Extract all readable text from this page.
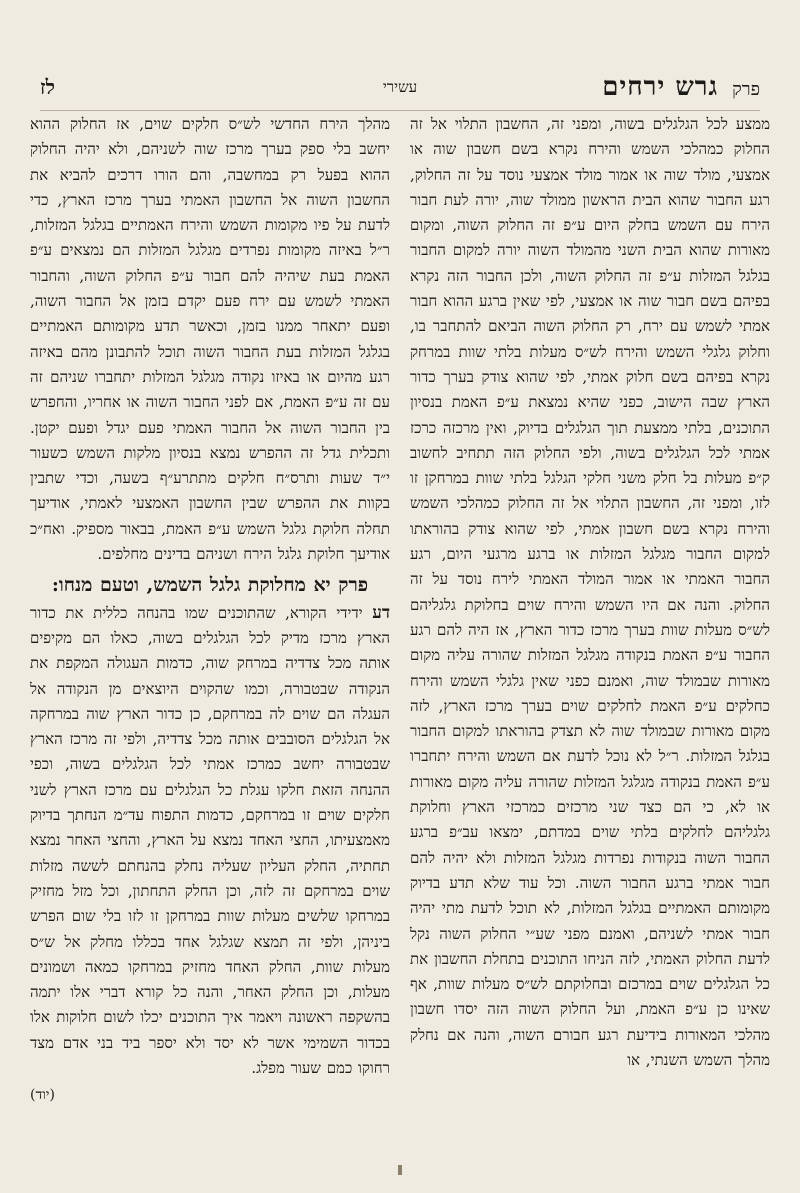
פרק
גרש ירחים
עשירי
לז

ממצע לכל הגלגלים בשוה, ומפני זה, החשבון התלוי אל זה החלוק כמהלכי השמש והירח נקרא בשם חשבון שוה או אמצעי, מולד שוה או אמור מולד אמצעי נוסד על זה החלוק, רגע החבור שהוא הבית הראשון ממולד שוה, יורה לעת חבור הירח עם השמש בחלק היום ע״פ זה החלוק השוה, ומקום מאורות שהוא הבית השני מהמולד השוה יורה למקום החבור בגלגל המזלות ע״פ זה החלוק השוה, ולכן החבור הזה נקרא בפיהם בשם חבור שוה או אמצעי, לפי שאין ברגע ההוא חבור אמתי לשמש עם ירח, רק החלוק השוה הביאם להתחבר בו, וחלוק גלגלי השמש והירח לש״ס מעלות בלתי שוות במרחק נקרא בפיהם בשם חלוק אמתי, לפי שהוא צודק בערך כדור הארץ שבה הישוב, כפני שהיא נמצאת ע״פ האמת בנסיון התוכנים, בלתי ממצעת תוך הגלגלים בדיוק, ואין מרכזה כרכז אמתי לכל הגלגלים בשוה, ולפי החלוק הזה תתחיב לחשוב ק״פ מעלות בל חלק משני חלקי הגלגל בלתי שוות במרחקן זו לזו, ומפני זה, החשבון התלוי אל זה החלוק כמהלכי השמש והירח נקרא בשם חשבון אמתי, לפי שהוא צודק בהוראתו למקום החבור מגלגל המזלות או ברגע מרגעי היום, רגע החבור האמתי או אמור המולד האמתי לירח נוסד על זה החלוק. והנה אם היו השמש והירח שוים בחלוקת גלגליהם לש״ס מעלות שוות בערך מרכז כדור הארץ, אז היה להם רגע החבור ע״פ האמת בנקודה מגלגל המזלות שהורה עליה מקום מאורות שבמולד שוה, ואמנם כפני שאין גלגלי השמש והירח כחלקים ע״פ האמת לחלקים שוים בערך מרכז הארץ, לזה מקום מאורות שבמולד שוה לא תצדק בהוראתו למקום החבור בגלגל המזלות. ר״ל לא נוכל לדעת אם השמש והירח יתחברו ע״פ האמת בנקודה מגלגל המזלות שהורה עליה מקום מאורות או לא, כי הם כצד שני מרכזים כמרכזי הארץ וחלוקת גלגליהם לחלקים בלתי שוים במדתם, ימצאו עב״פ ברגע החבור השוה בנקודות נפרדות מגלגל המזלות ולא יהיה להם חבור אמתי ברגע החבור השוה. וכל עוד שלא תדע בדיוק מקומותם האמתיים בגלגל המזלות, לא תוכל לדעת מתי יהיה חבור אמתי לשניהם, ואמנם מפני שע״י החלוק השוה נקל לדעת החלוק האמתי, לזה הניחו התוכנים בתחלת החשבון את כל הגלגלים שוים במרכזם ובחלוקתם לש״ס מעלות שוות, אף שאינו כן ע״פ האמת, ועל החלוק השוה הזה יסדו חשבון מהלכי המאורות בידיעת רגע חבורם השוה, והנה אם נחלק מהלך השמש השנתי, או

מהלך הירח החדשי לש״ס חלקים שוים, אז החלוק ההוא יחשב בלי ספק בערך מרכז שוה לשניהם, ולא יהיה החלוק ההוא בפעל רק במחשבה, והם הורו דרכים להביא את החשבון השוה אל החשבון האמתי בערך מרכז הארץ, כדי לדעת על פיו מקומות השמש והירח האמתיים בגלגל המזלות, ר״ל באיזה מקומות נפרדים מגלגל המזלות הם נמצאים ע״פ האמת בעת שיהיה להם חבור ע״פ החלוק השוה, והחבור האמתי לשמש עם ירח פעם יקדם בזמן אל החבור השוה, ופעם יתאחר ממנו בזמן, וכאשר תדע מקומותם האמתיים בגלגל המזלות בעת החבור השוה תוכל להתבונן מהם באיזה רגע מהיום או באיזו נקודה מגלגל המזלות יתחברו שניהם זה עם זה ע״פ האמת, אם לפני החבור השוה או אחריו, והחפרש בין החבור השוה אל החבור האמתי פעם יגדל ופעם יקטן. ותכלית גדל זה ההפרש נמצא בנסיון מלקות השמש כשעור י״ד שעות ותרס״ח חלקים מתתרע״ף בשעה, וכדי שתבין בקוות את ההפרש שבין החשבון האמצעי לאמתי, אודיעך תחלה חלוקת גלגל השמש ע״פ האמת, בבאור מספיק. ואח״כ אודיעך חלוקת גלגל הירח ושניהם בדינים מחלפים.

פרק יא מחלוקת גלגל השמש, וטעם מנחו:

דע ידידי הקורא, שהתוכנים שמו בהנחה כללית את כדור הארץ מרכז מדיק לכל הגלגלים בשוה, כאלו הם מקיפים אותה מכל צדדיה במרחק שוה, כדמות העגולה המקפת את הנקודה שבטבורה, וכמו שהקוים היוצאים מן הנקודה אל העגלה הם שוים לה במרחקם, כן כדור הארץ שוה במרחקה אל הגלגלים הסובבים אותה מכל צדדיה, ולפי זה מרכז הארץ שבטבורה יחשב כמרכז אמתי לכל הגלגלים בשוה, וכפי ההנחה הזאת חלקו עגלת כל הגלגלים עם מרכז הארץ לשני חלקים שוים זו במרחקם, כדמות התפוח עד״מ הנחתך בדיוק מאמצעיתו, החצי האחד נמצא על הארץ, והחצי האחר נמצא תחתיה, החלק העליון שעליה נחלק בהנחתם לששה מזלות שוים במרחקם זה לזה, וכן החלק התחתון, וכל מזל מחזיק במרחקו שלשים מעלות שוות במרחקן זו לזו בלי שום הפרש ביניהן, ולפי זה תמצא שגלגל אחד בכללו מחלק אל ש״ס מעלות שוות, החלק האחד מחזיק במרחקו כמאה ושמונים מעלות, וכן החלק האחר, והנה כל קורא דברי אלו יתמה בהשקפה ראשונה ויאמר איך התוכנים יכלו לשום חלוקות אלו בכדור השמימי אשר לא יסד ולא יספר ביד בני אדם מצד רחוקו כמם שעור מפלג.

(יוד)
